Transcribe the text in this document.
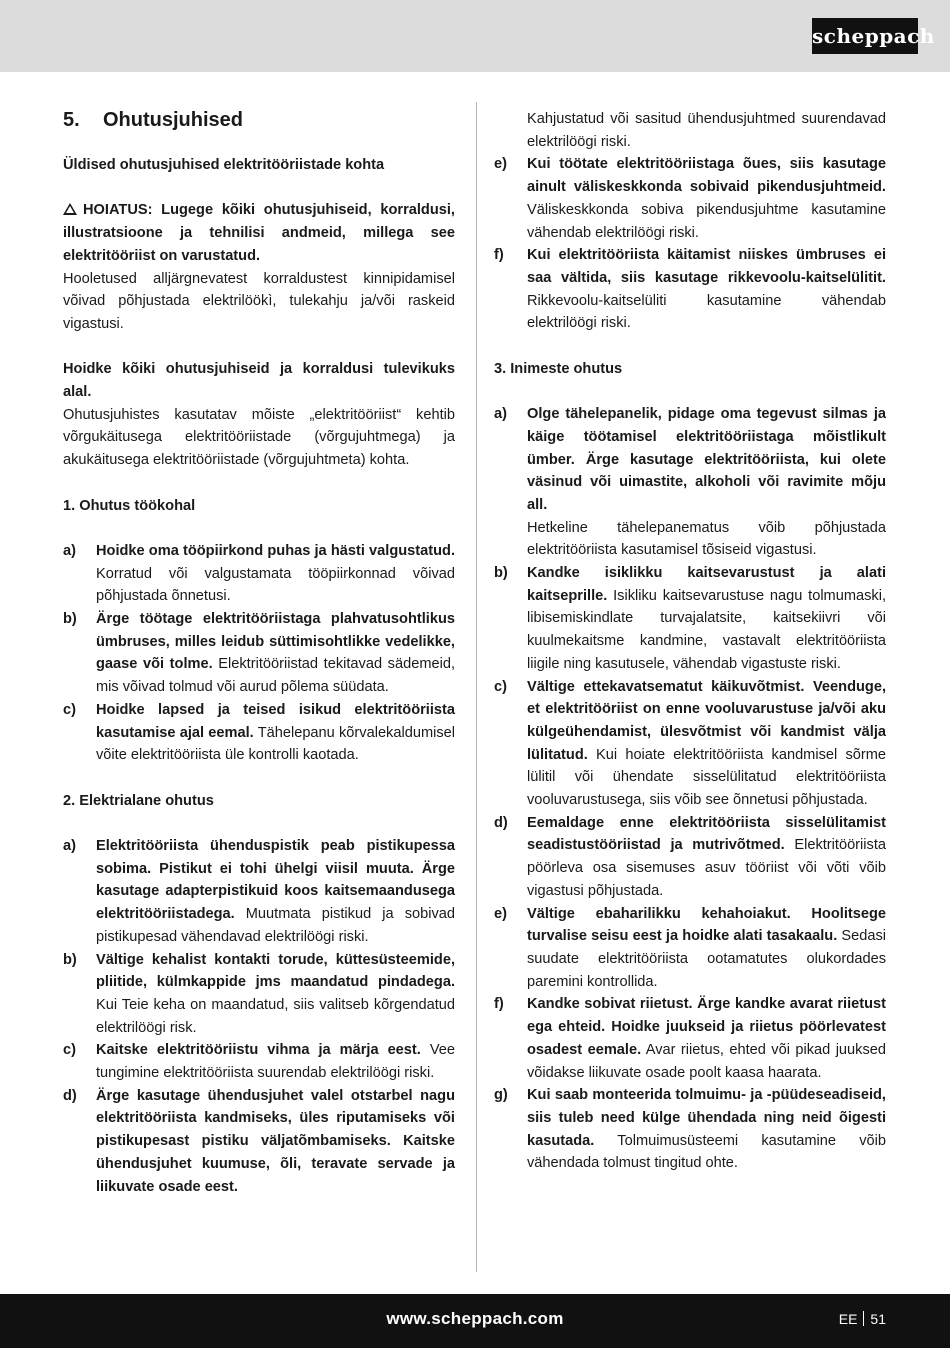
scheppach
5. Ohutusjuhised

Üldised ohutusjuhised elektritööriistade kohta

HOIATUS: Lugege kõiki ohutusjuhiseid, korraldusi, illustratsioone ja tehnilisi andmeid, millega see elektritööriist on varustatud.

Hooletused alljärgnevatest korraldustest kinnipidamisel võivad põhjustada elektrilöökì, tulekahju ja/või raskeid vigastusi.

Hoidke kõiki ohutusjuhiseid ja korraldusi tulevikuks alal.

Ohutusjuhistes kasutatav mõiste „elektritööriist“ kehtib võrgukäitusega elektritööriistade (võrgujuhtmega) ja akukäitusega elektritööriistade (võrgujuhtmeta) kohta.

1. Ohutus töökohal

a)	Hoidke oma tööpiirkond puhas ja hästi valgustatud. Korratud või valgustamata tööpiirkonnad võivad põhjustada õnnetusi.
b)	Ärge töötage elektritööriistaga plahvatusohtlikus ümbruses, milles leidub süttimisohtlikke vedelikke, gaase või tolme. Elektritööriistad tekitavad sädemeid, mis võivad tolmud või aurud põlema süüdata.
c)	Hoidke lapsed ja teised isikud elektritööriista kasutamise ajal eemal. Tähelepanu kõrvalekaldumisel võite elektritööriista üle kontrolli kaotada.

2. Elektrialane ohutus

a)	Elektritööriista ühenduspistik peab pistikupessa sobima. Pistikut ei tohi ühelgi viisil muuta. Ärge kasutage adapterpistikuid koos kaitsemaandusega elektritööriistadega. Muutmata pistikud ja sobivad pistikupesad vähendavad elektrilöögi riski.
b)	Vältige kehalist kontakti torude, küttesüsteemide, pliitide, külmkappide jms maandatud pindadega. Kui Teie keha on maandatud, siis valitseb kõrgendatud elektrilöögi risk.
c)	Kaitske elektritööriistu vihma ja märja eest. Vee tungimine elektritööriista suurendab elektrilöögi riski.
d)	Ärge kasutage ühendusjuhet valel otstarbel nagu elektritööriista kandmiseks, üles riputamiseks või pistikupesast pistiku väljatõmbamiseks. Kaitske ühendusjuhet kuumuse, õli, teravate servade ja liikuvate osade eest.

Kahjustatud või sasitud ühendusjuhtmed suurendavad elektrilöögi riski.

e)	Kui töötate elektritööriistaga õues, siis kasutage ainult väliskeskkonda sobivaid pikendusjuhtmeid. Väliskeskkonda sobiva pikendusjuhtme kasutamine vähendab elektrilöögi riski.
f)	Kui elektritööriista käitamist niiskes ümbruses ei saa vältida, siis kasutage rikkevoolu-kaitselülitit. Rikkevoolu-kaitselüliti kasutamine vähendab elektrilöögi riski.

3. Inimeste ohutus

a)	Olge tähelepanelik, pidage oma tegevust silmas ja käige töötamisel elektritööriistaga mõistlikult ümber. Ärge kasutage elektritööriista, kui olete väsinud või uimastite, alkoholi või ravimite mõju all.

Hetkeline tähelepanematus võib põhjustada elektritööriista kasutamisel tõsiseid vigastusi.

b)	Kandke isiklikku kaitsevarustust ja alati kaitseprille. Isikliku kaitsevarustuse nagu tolmumaski, libisemiskindlate turvajalatsite, kaitsekiivri või kuulmekaitsme kandmine, vastavalt elektritööriista liigile ning kasutusele, vähendab vigastuste riski.
c)	Vältige ettekavatsematut käikuvõtmist. Veenduge, et elektritööriist on enne vooluvarustuse ja/või aku külgeühendamist, ülesvõtmist või kandmist välja lülitatud. Kui hoiate elektritööriista kandmisel sõrme lülitil või ühendate sisselülitatud elektritööriista vooluvarustusega, siis võib see õnnetusi põhjustada.
d)	Eemaldage enne elektritööriista sisselülitamist seadistustööriistad ja mutrivõtmed. Elektritööriista pöörleva osa sisemuses asuv tööriist või võti võib vigastusi põhjustada.
e)	Vältige ebaharilikku kehahoiakut. Hoolitsege turvalise seisu eest ja hoidke alati tasakaalu. Sedasi suudate elektritööriista ootamatutes olukordades paremini kontrollida.
f)	Kandke sobivat riietust. Ärge kandke avarat riietust ega ehteid. Hoidke juukseid ja riietus pöörlevatest osadest eemale. Avar riietus, ehted või pikad juuksed võidakse liikuvate osade poolt kaasa haarata.
g)	Kui saab monteerida tolmuimu- ja -püüdeseadiseid, siis tuleb need külge ühendada ning neid õigesti kasutada. Tolmuimusüsteemi kasutamine võib vähendada tolmust tingitud ohte.
www.scheppach.com	EE 51
